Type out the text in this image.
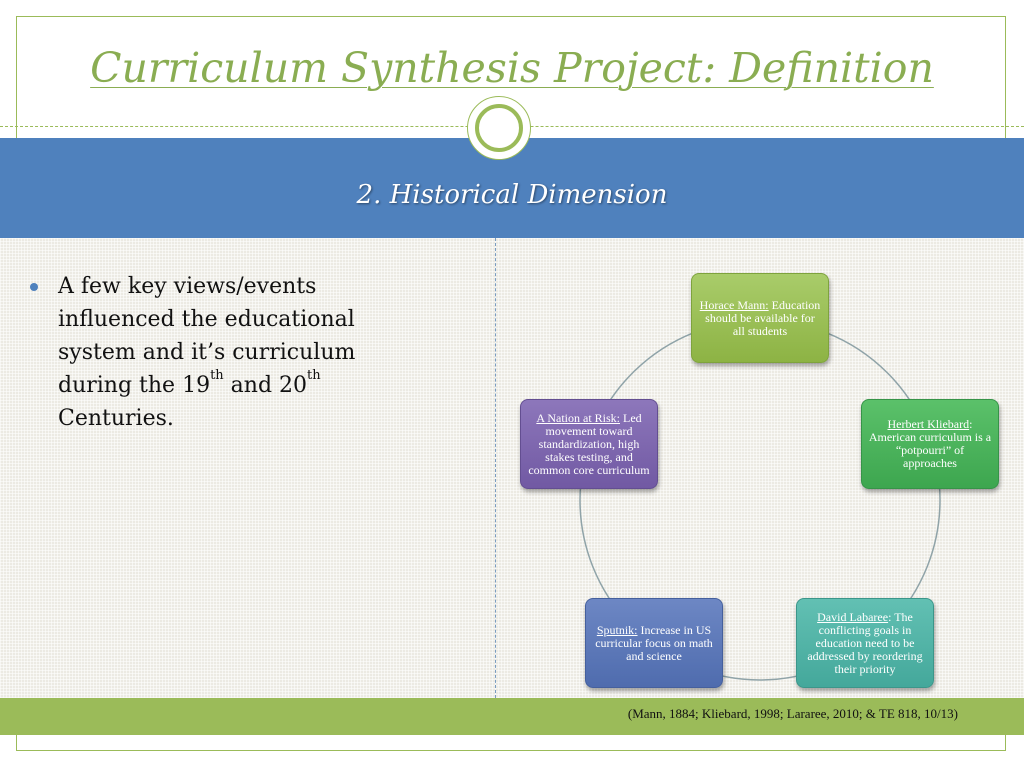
Curriculum Synthesis Project: Definition
2. Historical Dimension
A few key views/events influenced the educational system and it’s curriculum during the 19th and 20th Centuries.
Horace Mann: Education should be available for all students
Herbert Kliebard: American curriculum is a “potpourri” of approaches
David Labaree: The conflicting goals in education need to be addressed by reordering their priority
Sputnik: Increase in US curricular focus on math and science
A Nation at Risk: Led movement toward standardization, high stakes testing, and common core curriculum
(Mann, 1884; Kliebard, 1998; Lararee, 2010; & TE 818, 10/13)
